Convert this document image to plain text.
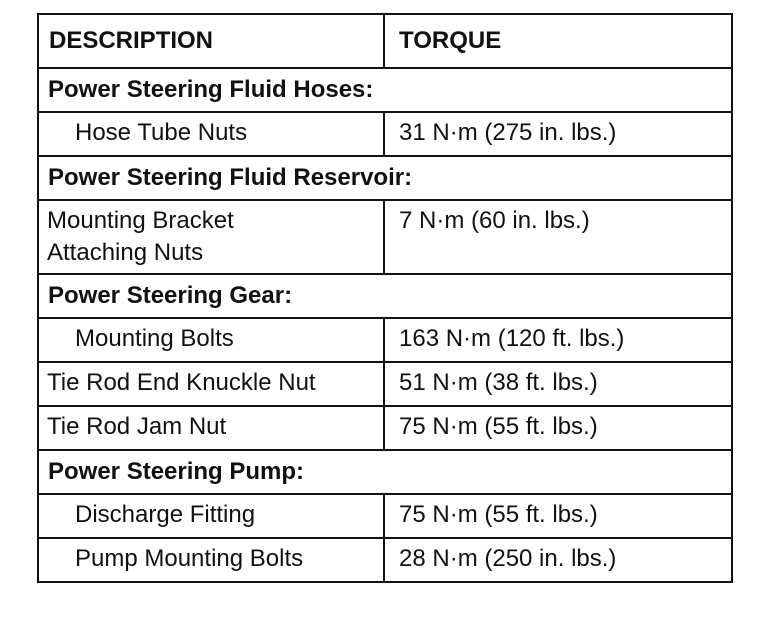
DESCRIPTION	TORQUE
Power Steering Fluid Hoses:	
Hose Tube Nuts	31 N·m (275 in. lbs.)
Power Steering Fluid Reservoir:	

Mounting Bracket
Attaching Nuts	7 N·m (60 in. lbs.)
Power Steering Gear:	
Mounting Bolts	163 N·m (120 ft. lbs.)
Tie Rod End Knuckle Nut	51 N·m (38 ft. lbs.)
Tie Rod Jam Nut	75 N·m (55 ft. lbs.)
Power Steering Pump:	
Discharge Fitting	75 N·m (55 ft. lbs.)
Pump Mounting Bolts	28 N·m (250 in. lbs.)
